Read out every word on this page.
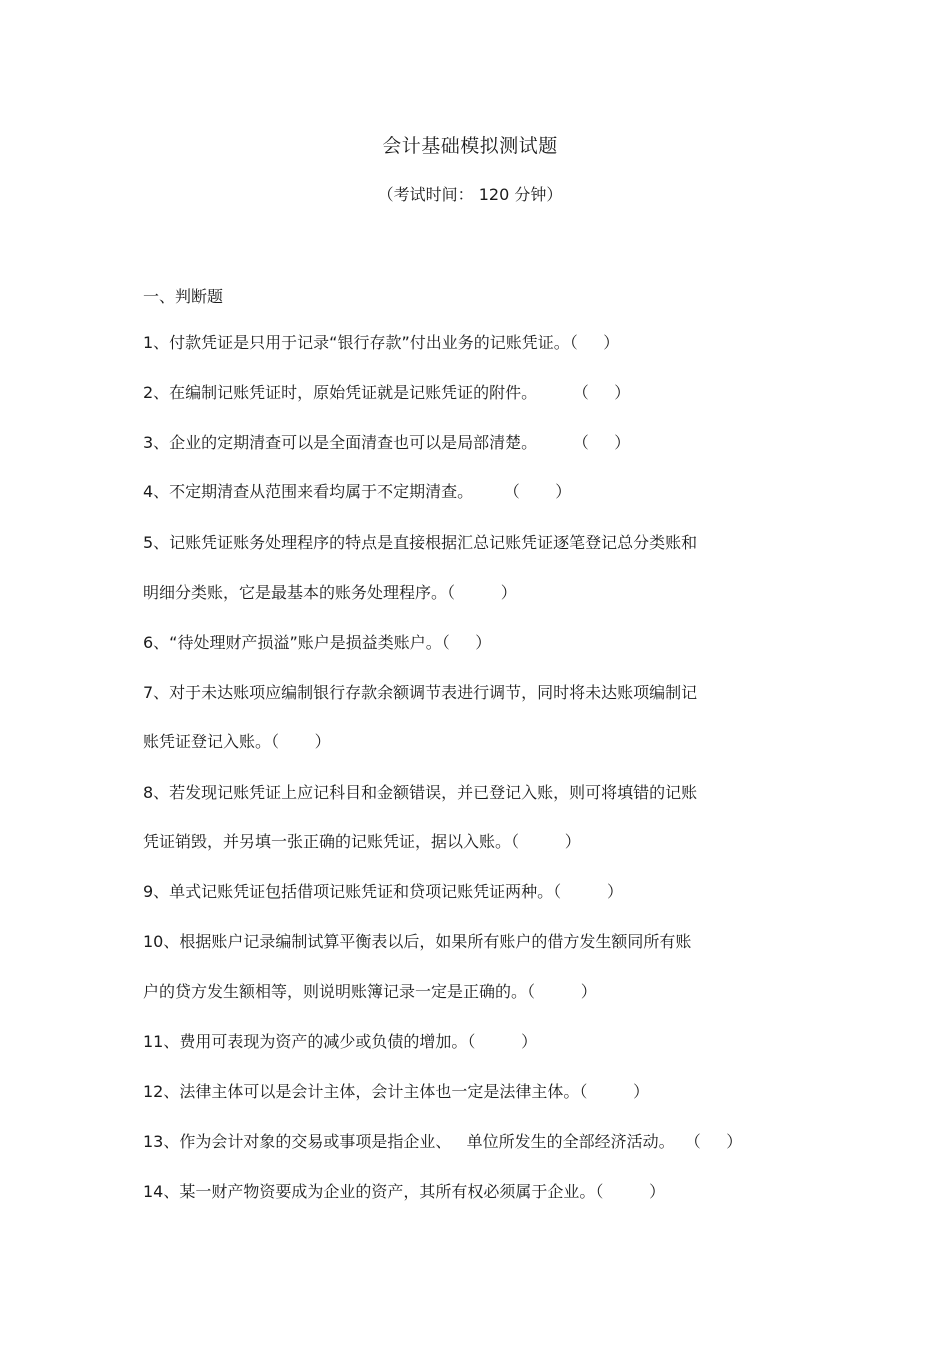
会计基础模拟测试题
（考试时间： 120 分钟）
一、判断题
1、付款凭证是只用于记录“银行存款”付出业务的记账凭证。（     ）
2、在编制记账凭证时，原始凭证就是记账凭证的附件。       （     ）
3、企业的定期清查可以是全面清查也可以是局部清楚。       （     ）
4、不定期清查从范围来看均属于不定期清查。      （       ）
5、记账凭证账务处理程序的特点是直接根据汇总记账凭证逐笔登记总分类账和
明细分类账，它是最基本的账务处理程序。（         ）
6、“待处理财产损溢”账户是损益类账户。（     ）
7、对于未达账项应编制银行存款余额调节表进行调节，同时将未达账项编制记
账凭证登记入账。（       ）
8、若发现记账凭证上应记科目和金额错误，并已登记入账，则可将填错的记账
凭证销毁，并另填一张正确的记账凭证，据以入账。（         ）
9、单式记账凭证包括借项记账凭证和贷项记账凭证两种。（         ）
10、根据账户记录编制试算平衡表以后，如果所有账户的借方发生额同所有账
户的贷方发生额相等，则说明账簿记录一定是正确的。（         ）
11、费用可表现为资产的减少或负债的增加。（         ）
12、法律主体可以是会计主体，会计主体也一定是法律主体。（         ）
13、作为会计对象的交易或事项是指企业、   单位所发生的全部经济活动。  （     ）
14、某一财产物资要成为企业的资产，其所有权必须属于企业。（         ）
